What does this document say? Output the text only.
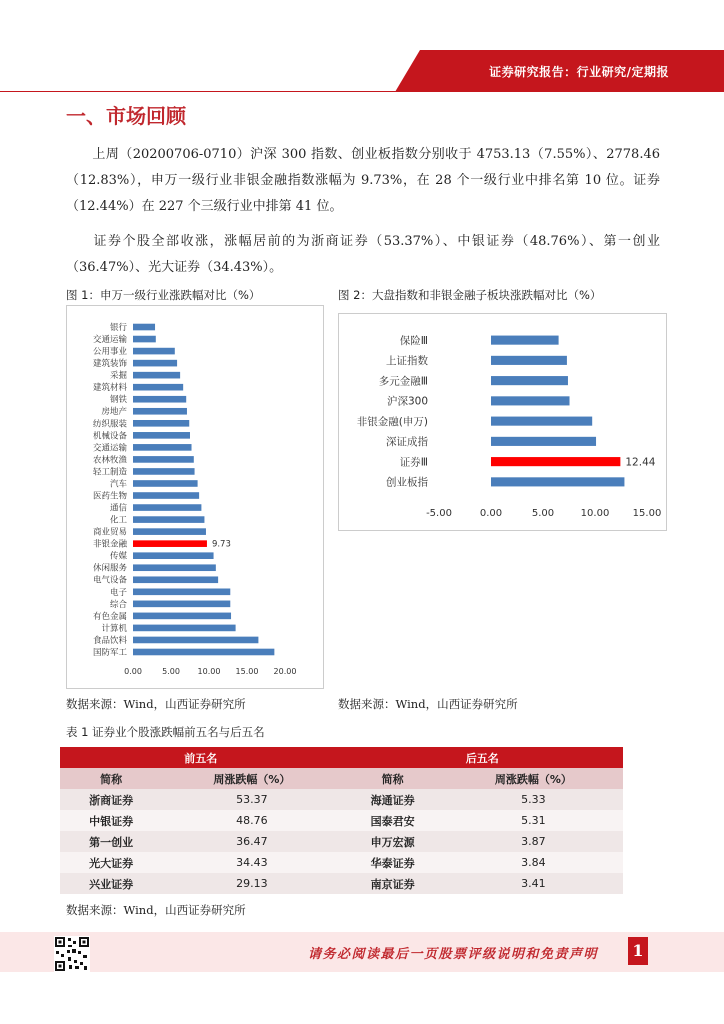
证券研究报告：行业研究/定期报
一、市场回顾
上周（20200706-0710）沪深 300 指数、创业板指数分别收于 4753.13（7.55%）、2778.46（12.83%），申万一级行业非银金融指数涨幅为 9.73%，在 28 个一级行业中排名第 10 位。证券（12.44%）在 227 个三级行业中排第 41 位。
证券个股全部收涨，涨幅居前的为浙商证券（53.37%）、中银证券（48.76%）、第一创业（36.47%）、光大证券（34.43%）。
图 1：申万一级行业涨跌幅对比（%）	图 2：大盘指数和非银金融子板块涨跌幅对比（%）
银行
交通运输
公用事业
建筑装饰
采掘
建筑材料
钢铁
房地产
纺织服装
机械设备
交通运输
农林牧渔
轻工制造
汽车
医药生物
通信
化工
商业贸易
非银金融	9.73
传媒
休闲服务
电气设备
电子
综合
有色金属
计算机
食品饮料
国防军工
0.00	5.00 10.00 15.00 20.00
保险Ⅲ
上证指数
多元金融Ⅲ
沪深300
非银金融(申万)
深证成指
证券Ⅲ	12.44
创业板指
-5.00	0.00	5.00	10.00 15.00
数据来源：Wind，山西证券研究所	数据来源：Wind，山西证券研究所
表 1 证券业个股涨跌幅前五名与后五名
前五名		后五名	
简称	周涨跌幅（%）	简称	周涨跌幅（%）
浙商证券	53.37	海通证券	5.33
中银证券	48.76	国泰君安	5.31
第一创业	36.47	申万宏源	3.87
光大证券	34.43	华泰证券	3.84
兴业证券	29.13	南京证券	3.41
数据来源：Wind，山西证券研究所
请务必阅读最后一页股票评级说明和免责声明 1
